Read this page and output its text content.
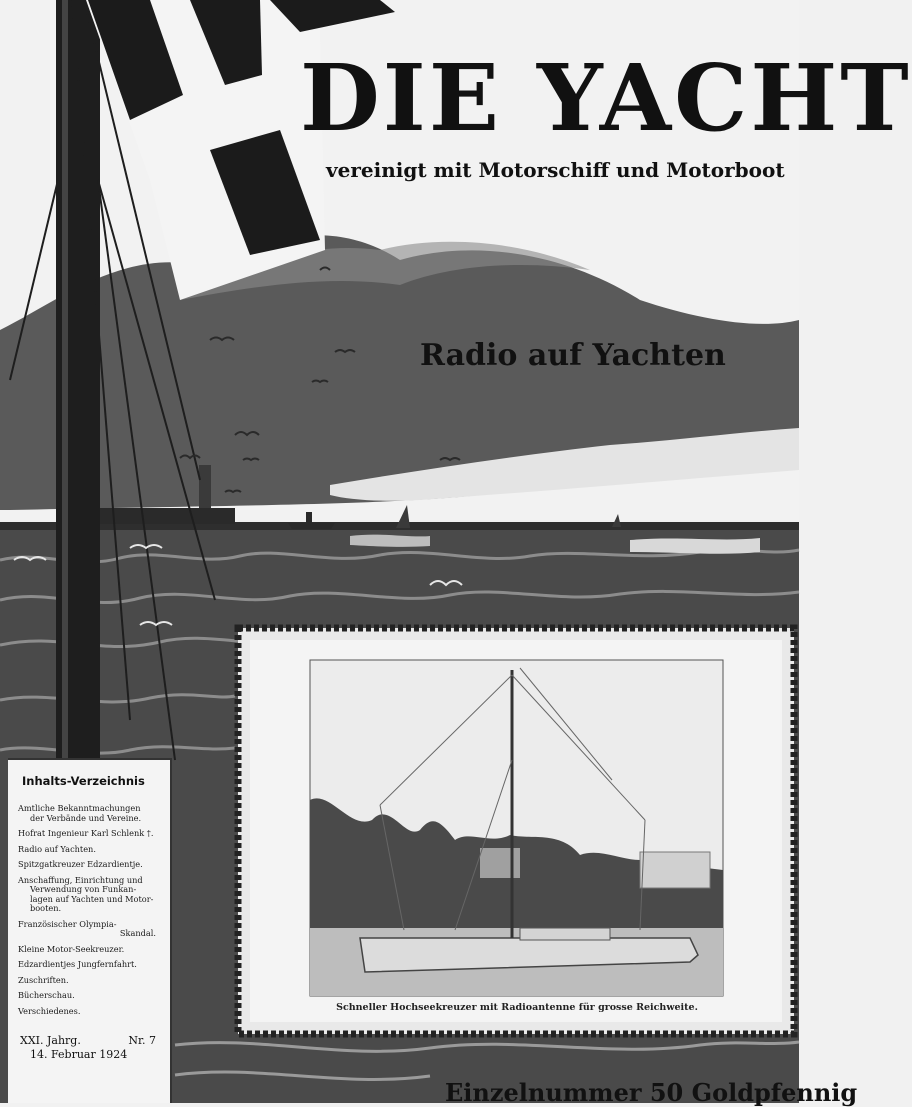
DIE YACHT
vereinigt mit Motorschiff und Motorboot
Radio auf Yachten
Schneller Hochseekreuzer mit Radioantenne für grosse Reichweite.
Inhalts-Verzeichnis
Amtliche Bekanntmachungen
der Verbände und Vereine.
Hofrat Ingenieur Karl Schlenk †.
Radio auf Yachten.
Spitzgatkreuzer Edzardientje.
Anschaffung, Einrichtung und
Verwendung von Funkan-
lagen auf Yachten und Motor-
booten.
Französischer Olympia-
Skandal.
Kleine Motor-Seekreuzer.
Edzardientjes Jungfernfahrt.
Zuschriften.
Bücherschau.
Verschiedenes.
XXI. Jahrg.	Nr. 7
14. Februar 1924
Einzelnummer 50 Goldpfennig
